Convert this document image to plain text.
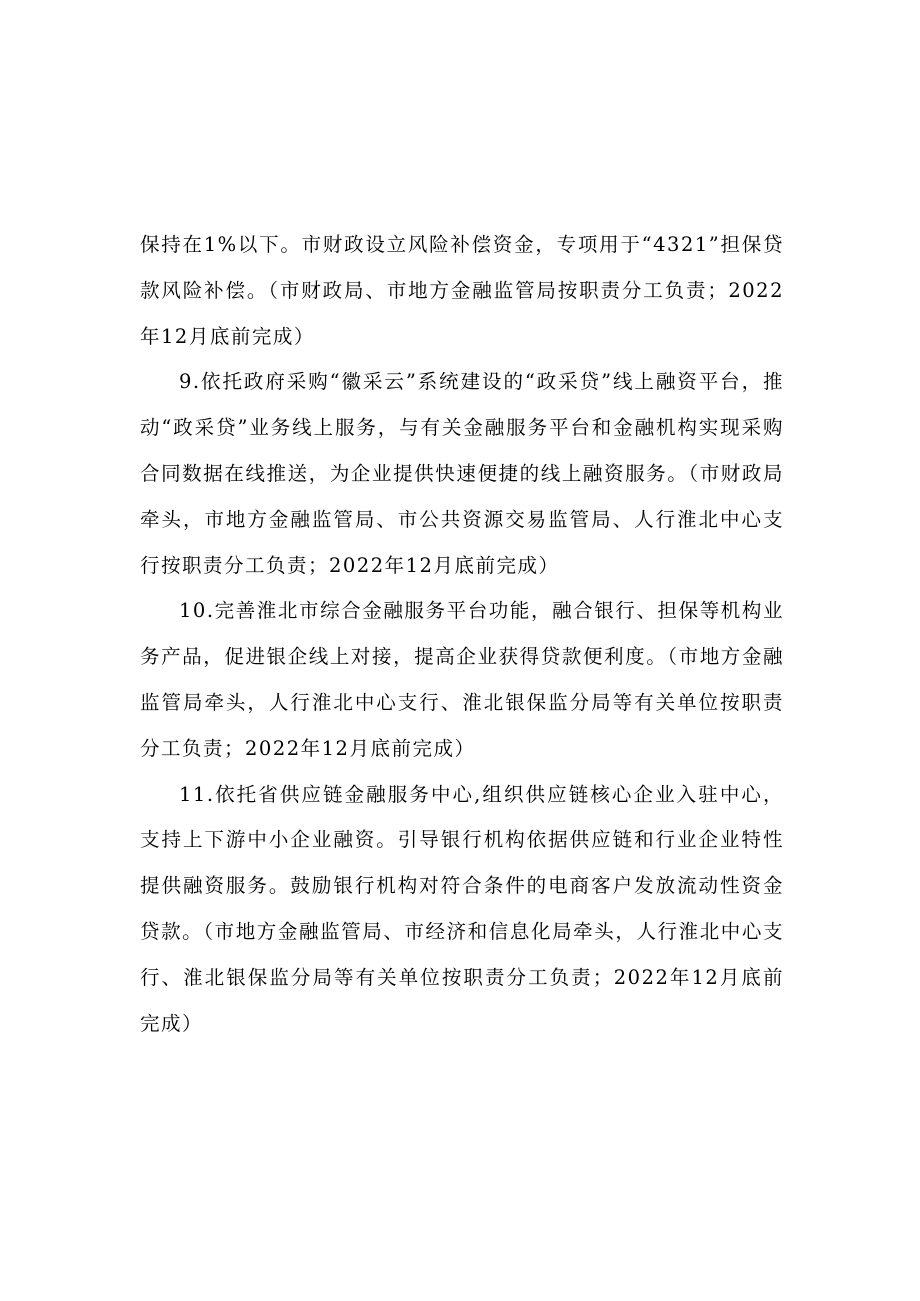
保持在1%以下。市财政设立风险补偿资金，专项用于“4321”担保贷款风险补偿。（市财政局、市地方金融监管局按职责分工负责；2022年12月底前完成）

9.依托政府采购“徽采云”系统建设的“政采贷”线上融资平台，推动“政采贷”业务线上服务，与有关金融服务平台和金融机构实现采购合同数据在线推送，为企业提供快速便捷的线上融资服务。（市财政局牵头，市地方金融监管局、市公共资源交易监管局、人行淮北中心支行按职责分工负责；2022年12月底前完成）

10.完善淮北市综合金融服务平台功能，融合银行、担保等机构业务产品，促进银企线上对接，提高企业获得贷款便利度。（市地方金融监管局牵头，人行淮北中心支行、淮北银保监分局等有关单位按职责分工负责；2022年12月底前完成）

11.依托省供应链金融服务中心,组织供应链核心企业入驻中心，支持上下游中小企业融资。引导银行机构依据供应链和行业企业特性提供融资服务。鼓励银行机构对符合条件的电商客户发放流动性资金贷款。（市地方金融监管局、市经济和信息化局牵头，人行淮北中心支行、淮北银保监分局等有关单位按职责分工负责；2022年12月底前完成）
